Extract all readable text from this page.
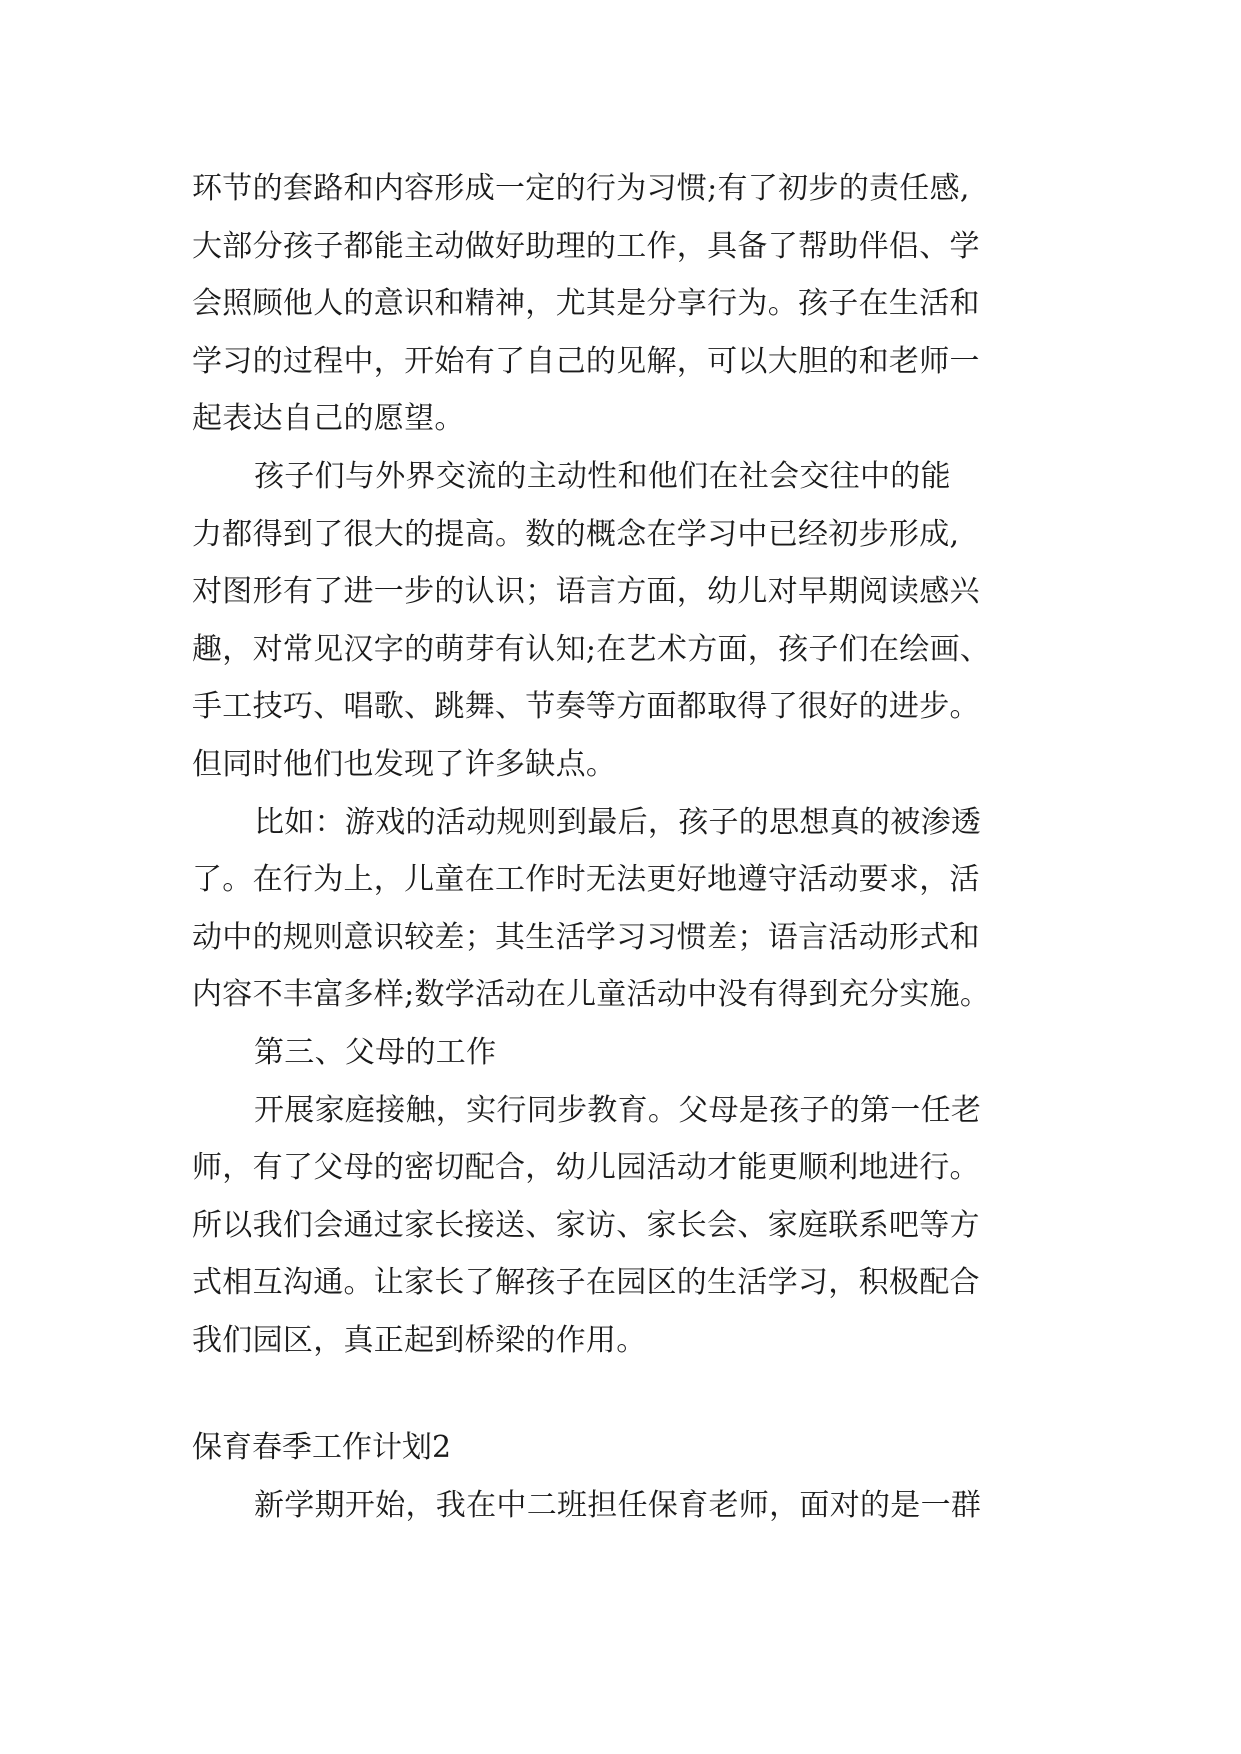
环节的套路和内容形成一定的行为习惯;有了初步的责任感,
大部分孩子都能主动做好助理的工作，具备了帮助伴侣、学
会照顾他人的意识和精神，尤其是分享行为。孩子在生活和
学习的过程中，开始有了自己的见解，可以大胆的和老师一
起表达自己的愿望。
孩子们与外界交流的主动性和他们在社会交往中的能
力都得到了很大的提高。数的概念在学习中已经初步形成,
对图形有了进一步的认识；语言方面，幼儿对早期阅读感兴
趣，对常见汉字的萌芽有认知;在艺术方面，孩子们在绘画、
手工技巧、唱歌、跳舞、节奏等方面都取得了很好的进步。
但同时他们也发现了许多缺点。
比如：游戏的活动规则到最后，孩子的思想真的被渗透
了。在行为上，儿童在工作时无法更好地遵守活动要求，活
动中的规则意识较差；其生活学习习惯差；语言活动形式和
内容不丰富多样;数学活动在儿童活动中没有得到充分实施。
第三、父母的工作
开展家庭接触，实行同步教育。父母是孩子的第一任老
师，有了父母的密切配合，幼儿园活动才能更顺利地进行。
所以我们会通过家长接送、家访、家长会、家庭联系吧等方
式相互沟通。让家长了解孩子在园区的生活学习，积极配合
我们园区，真正起到桥梁的作用。
保育春季工作计划2
新学期开始，我在中二班担任保育老师，面对的是一群
